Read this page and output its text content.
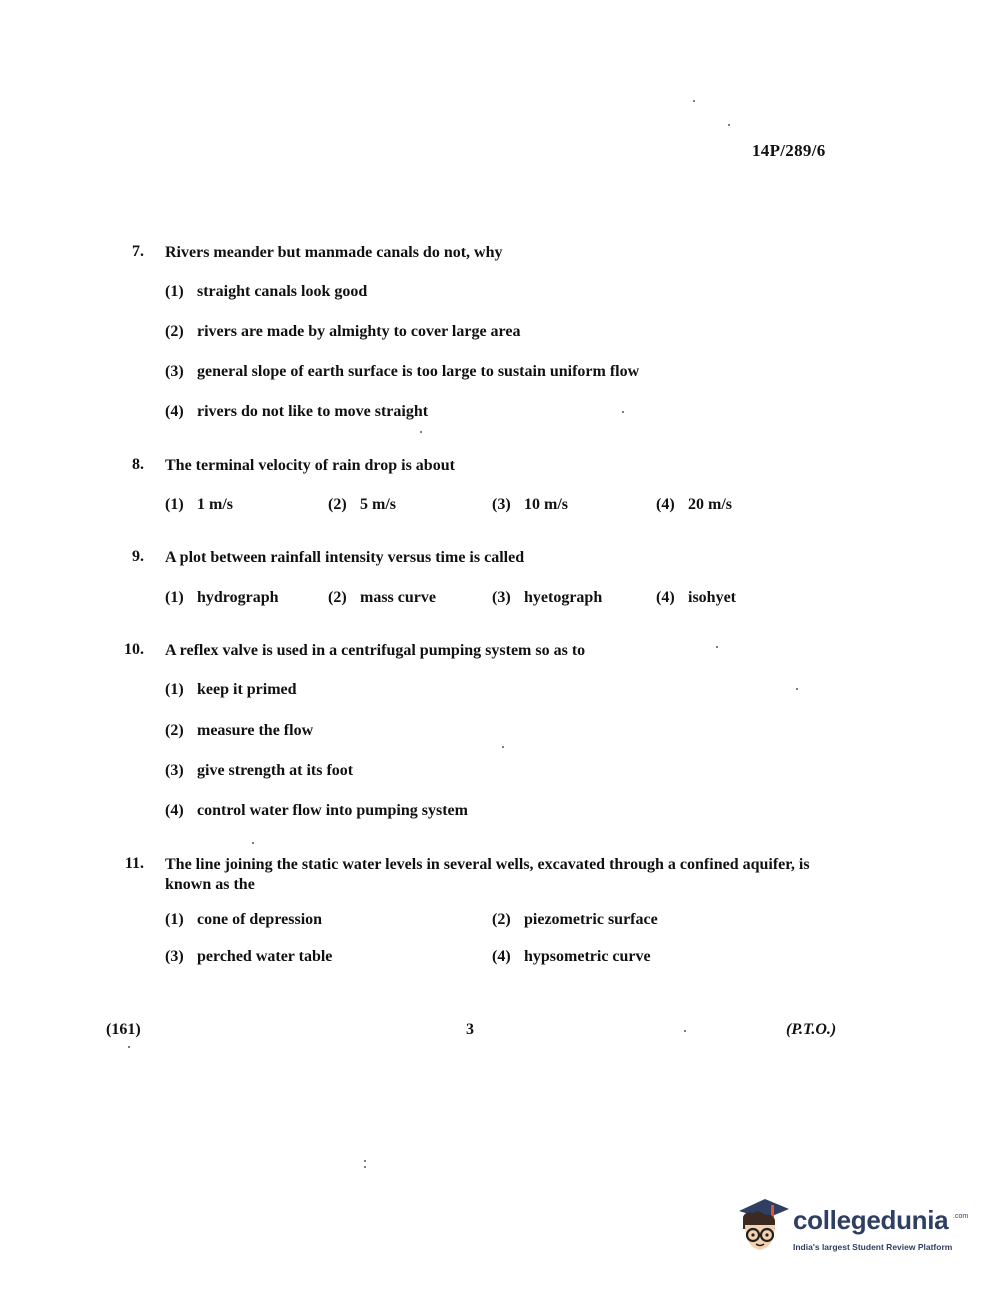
14P/289/6
7. Rivers meander but manmade canals do not, why
(1) straight canals look good
(2) rivers are made by almighty to cover large area
(3) general slope of earth surface is too large to sustain uniform flow
(4) rivers do not like to move straight
8. The terminal velocity of rain drop is about
(1) 1 m/s	(2) 5 m/s	(3) 10 m/s	(4) 20 m/s
9. A plot between rainfall intensity versus time is called
(1) hydrograph	(2) mass curve	(3) hyetograph	(4) isohyet
10. A reflex valve is used in a centrifugal pumping system so as to
(1) keep it primed
(2) measure the flow
(3) give strength at its foot
(4) control water flow into pumping system
11. The line joining the static water levels in several wells, excavated through a confined aquifer, is known as the
(1) cone of depression	(2) piezometric surface
(3) perched water table	(4) hypsometric curve
(161)	3	(P.T.O.)
collegedunia .com
India's largest Student Review Platform
